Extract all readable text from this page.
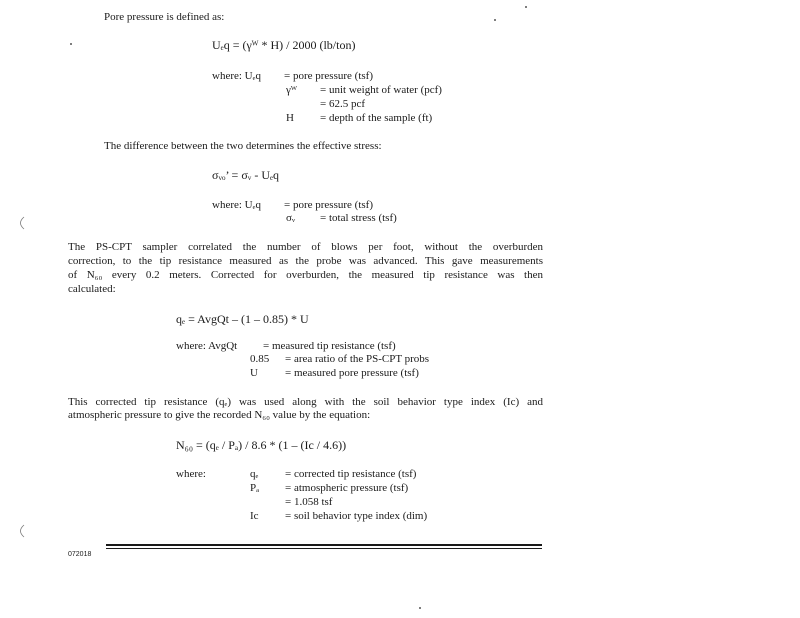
Pore pressure is defined as:
Uₑq = (γᵂ * H) / 2000 (lb/ton)
where: Uₑq = pore pressure (tsf)
γᵂ = unit weight of water (pcf)
= 62.5 pcf
H = depth of the sample (ft)
The difference between the two determines the effective stress:
σᵥₒ’ = σᵥ - Uₑq
where: Uₑq = pore pressure (tsf)
σᵥ = total stress (tsf)
The PS-CPT sampler correlated the number of blows per foot, without the overburden
correction, to the tip resistance measured as the probe was advanced. This gave measurements
of N₆₀ every 0.2 meters. Corrected for overburden, the measured tip resistance was then
calculated:
qₑ = AvgQt – (1 – 0.85) * U
where: AvgQt = measured tip resistance (tsf)
0.85 = area ratio of the PS-CPT probs
U = measured pore pressure (tsf)
This corrected tip resistance (qₑ) was used along with the soil behavior type index (Ic) and
atmospheric pressure to give the recorded N₆₀ value by the equation:
N₆₀ = (qₑ / Pₐ) / 8.6 * (1 – (Ic / 4.6))
where:	qₑ = corrected tip resistance (tsf)
Pₐ = atmospheric pressure (tsf)
= 1.058 tsf
Ic = soil behavior type index (dim)
072018
